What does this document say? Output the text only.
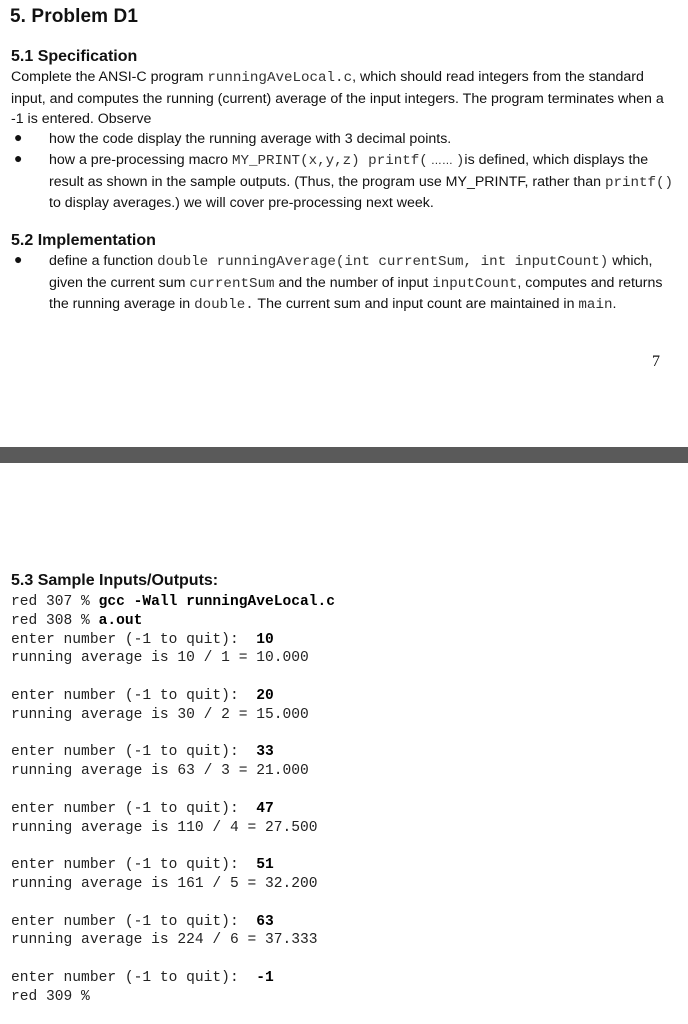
5. Problem D1
5.1 Specification
Complete the ANSI-C program runningAveLocal.c, which should read integers from the standard input, and computes the running (current) average of the input integers. The program terminates when a -1 is entered. Observe
● how the code display the running average with 3 decimal points.
● how a pre-processing macro MY_PRINT(x,y,z) printf( …… )is defined, which displays the result as shown in the sample outputs. (Thus, the program use MY_PRINTF, rather than printf() to display averages.) we will cover pre-processing next week.
5.2 Implementation
● define a function double runningAverage(int currentSum, int inputCount) which, given the current sum currentSum and the number of input inputCount, computes and returns the running average in double. The current sum and input count are maintained in main.
7
5.3 Sample Inputs/Outputs:
red 307 % gcc -Wall runningAveLocal.c
red 308 % a.out
enter number (-1 to quit):  10
running average is 10 / 1 = 10.000
enter number (-1 to quit):  20
running average is 30 / 2 = 15.000
enter number (-1 to quit):  33
running average is 63 / 3 = 21.000
enter number (-1 to quit):  47
running average is 110 / 4 = 27.500
enter number (-1 to quit):  51
running average is 161 / 5 = 32.200
enter number (-1 to quit):  63
running average is 224 / 6 = 37.333
enter number (-1 to quit):  -1
red 309 %
